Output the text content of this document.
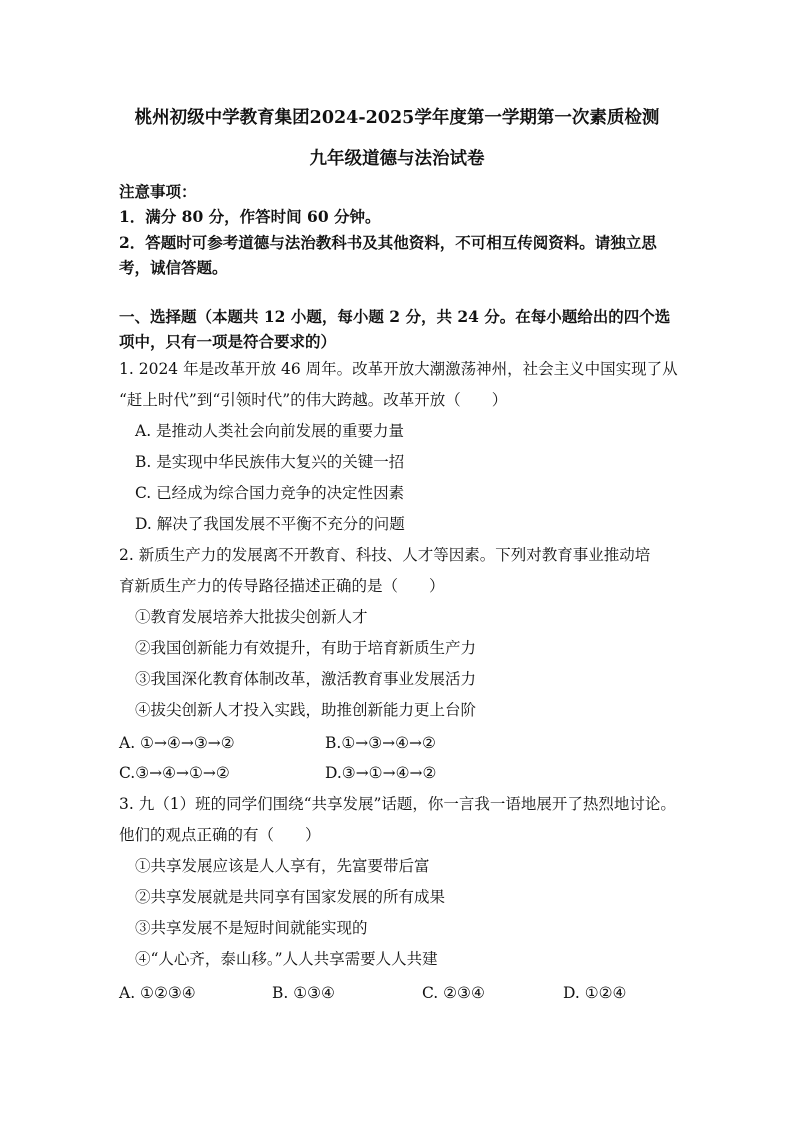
桃州初级中学教育集团2024-2025学年度第一学期第一次素质检测
九年级道德与法治试卷
注意事项：
1．满分 80 分，作答时间 60 分钟。
2．答题时可参考道德与法治教科书及其他资料，不可相互传阅资料。请独立思
考，诚信答题。
一、选择题（本题共 12 小题，每小题 2 分，共 24 分。在每小题给出的四个选
项中，只有一项是符合要求的）
1. 2024 年是改革开放 46 周年。改革开放大潮激荡神州，社会主义中国实现了从
“赶上时代”到“引领时代”的伟大跨越。改革开放（　　）
A. 是推动人类社会向前发展的重要力量
B. 是实现中华民族伟大复兴的关键一招
C. 已经成为综合国力竞争的决定性因素
D. 解决了我国发展不平衡不充分的问题
2. 新质生产力的发展离不开教育、科技、人才等因素。下列对教育事业推动培
育新质生产力的传导路径描述正确的是（　　）
①教育发展培养大批拔尖创新人才
②我国创新能力有效提升，有助于培育新质生产力
③我国深化教育体制改革，激活教育事业发展活力
④拔尖创新人才投入实践，助推创新能力更上台阶
A. ①→④→③→②	B.①→③→④→②
C.③→④→①→②	D.③→①→④→②
3. 九（1）班的同学们围绕“共享发展”话题，你一言我一语地展开了热烈地讨论。
他们的观点正确的有（　　）
①共享发展应该是人人享有，先富要带后富
②共享发展就是共同享有国家发展的所有成果
③共享发展不是短时间就能实现的
④“人心齐，泰山移。”人人共享需要人人共建
A. ①②③④	B. ①③④	C. ②③④	D. ①②④
